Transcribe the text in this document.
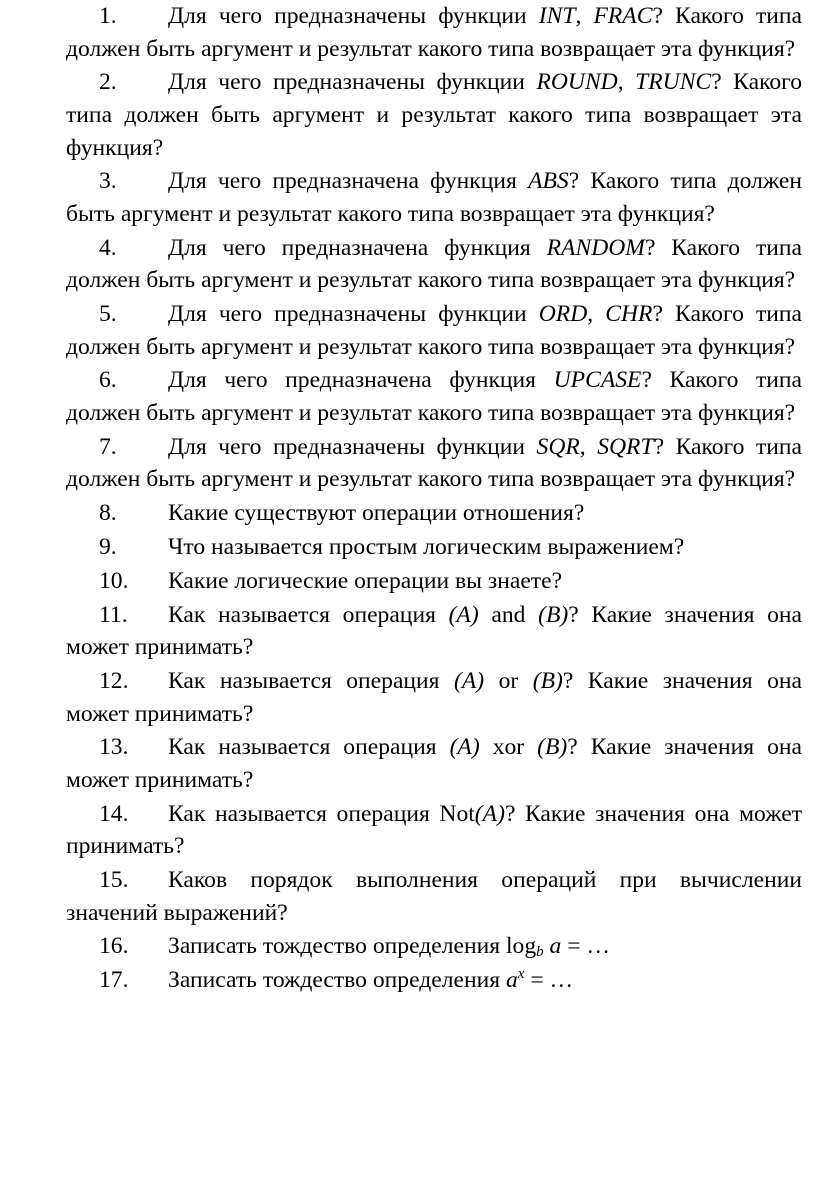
1. Для чего предназначены функции INT, FRAC? Какого типа должен быть аргумент и результат какого типа возвращает эта функция?

2. Для чего предназначены функции ROUND, TRUNC? Какого типа должен быть аргумент и результат какого типа возвращает эта функция?

3. Для чего предназначена функция ABS? Какого типа должен быть аргумент и результат какого типа возвращает эта функция?

4. Для чего предназначена функция RANDOM? Какого типа должен быть аргумент и результат какого типа возвращает эта функция?

5. Для чего предназначены функции ORD, CHR? Какого типа должен быть аргумент и результат какого типа возвращает эта функция?

6. Для чего предназначена функция UPCASE? Какого типа должен быть аргумент и результат какого типа возвращает эта функция?

7. Для чего предназначены функции SQR, SQRT? Какого типа должен быть аргумент и результат какого типа возвращает эта функция?

8. Какие существуют операции отношения?

9. Что называется простым логическим выражением?

10. Какие логические операции вы знаете?

11. Как называется операция (A) and (B)? Какие значения она может принимать?

12. Как называется операция (A) or (B)? Какие значения она может принимать?

13. Как называется операция (A) xor (B)? Какие значения она может принимать?

14. Как называется операция Not(A)? Какие значения она может принимать?

15. Каков порядок выполнения операций при вычислении значений выражений?

16. Записать тождество определения $\log_b a$ = …

17. Записать тождество определения $a^x$ = …
